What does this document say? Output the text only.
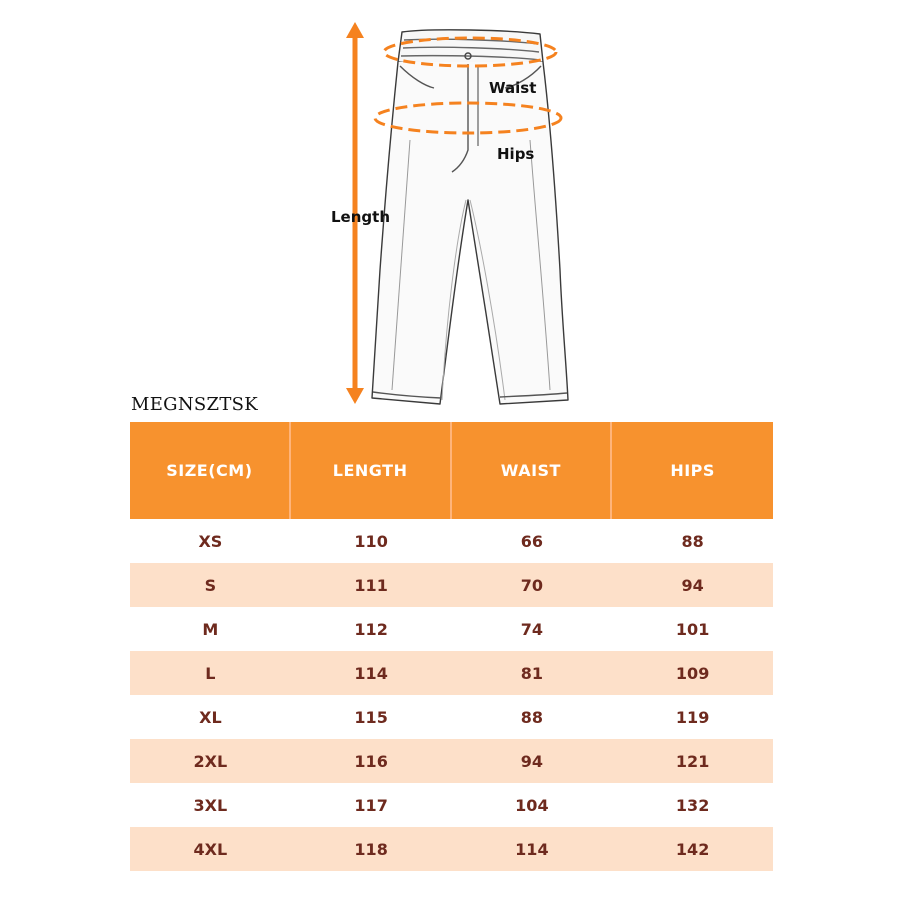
Waist
Hips
Length
MEGNSZTSK
SIZE(CM)	LENGTH	WAIST	HIPS
XS	110	66	88
S	111	70	94
M	112	74	101
L	114	81	109
XL	115	88	119
2XL	116	94	121
3XL	117	104	132
4XL	118	114	142
